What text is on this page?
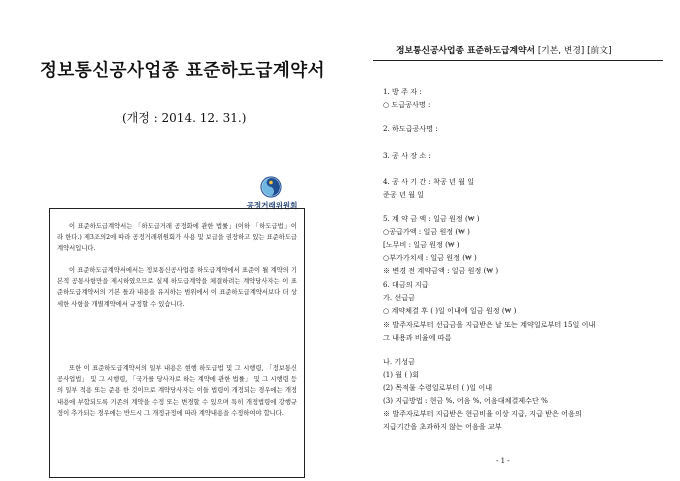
정보통신공사업종 표준하도급계약서
(개정 : 2014. 12. 31.)
공정거래위원회
이 표준하도급계약서는 「하도급거래 공정화에 관한 법률」(이하 「하도급법」이라 한다.) 제3조의2에 따라 공정거래위원회가 사용 및 보급을 권장하고 있는 표준하도급계약서입니다.
이 표준하도급계약서에서는 정보통신공사업종 하도급계약에서 표준이 될 계약의 기본적 공통사항만을 제시하였으므로 실제 하도급계약을 체결하려는 계약당사자는 이 표준하도급계약서의 기본 틀과 내용을 유지하는 범위에서 이 표준하도급계약서보다 더 상세한 사항을 개별계약에서 규정할 수 있습니다.
또한 이 표준하도급계약서의 일부 내용은 현행 하도급법 및 그 시행령, 「정보통신공사업법」 및 그 시행령, 「국가를 당사자로 하는 계약에 관한 법률」 및 그 시행령 등의 일부 적용 또는 준용 한 것이므로 계약당사자는 이들 법령이 개정되는 경우에는 개정내용에 부합되도록 기존의 계약을 수정 또는 변경할 수 있으며 특히 개정법령에 강행규정이 추가되는 경우에는 반드시 그 개정규정에 따라 계약내용을 수정하여야 합니다.
정보통신공사업종 표준하도급계약서 [기본, 변경] [前文]
1. 방 주 자 :
○ 도급공사명 :
2. 하도급공사명 :
3. 공 사 장 소 :
4. 공 사 기 간 : 착공 년 월 일
준공 년 월 일
5. 계 약 금 액 : 일금 원정 (₩ )
○공급가액 : 일금 원정 (₩ )
[노무비 : 일금 원정 (₩ )
○부가가치세 : 일금 원정 (₩ )
※ 변경 전 계약금액 : 일금 원정 (₩ )
6. 대금의 지급
가. 선급금
○ 계약체결 후 ( )일 이내에 일금 원정 (₩ )
※ 발주자로부터 선급금을 지급받은 날 또는 계약일로부터 15일 이내
그 내용과 비율에 따름
나. 기성금
(1) 월 ( )회
(2) 목적물 수령일로부터 ( )일 이내
(3) 지급방법 : 현금 %, 어음 %, 어음대체결제수단 %
※ 발주자로부터 지급받은 현금비율 이상 지급, 지급 받은 어음의
지급기간을 초과하지 않는 어음을 교부
- 1 -
